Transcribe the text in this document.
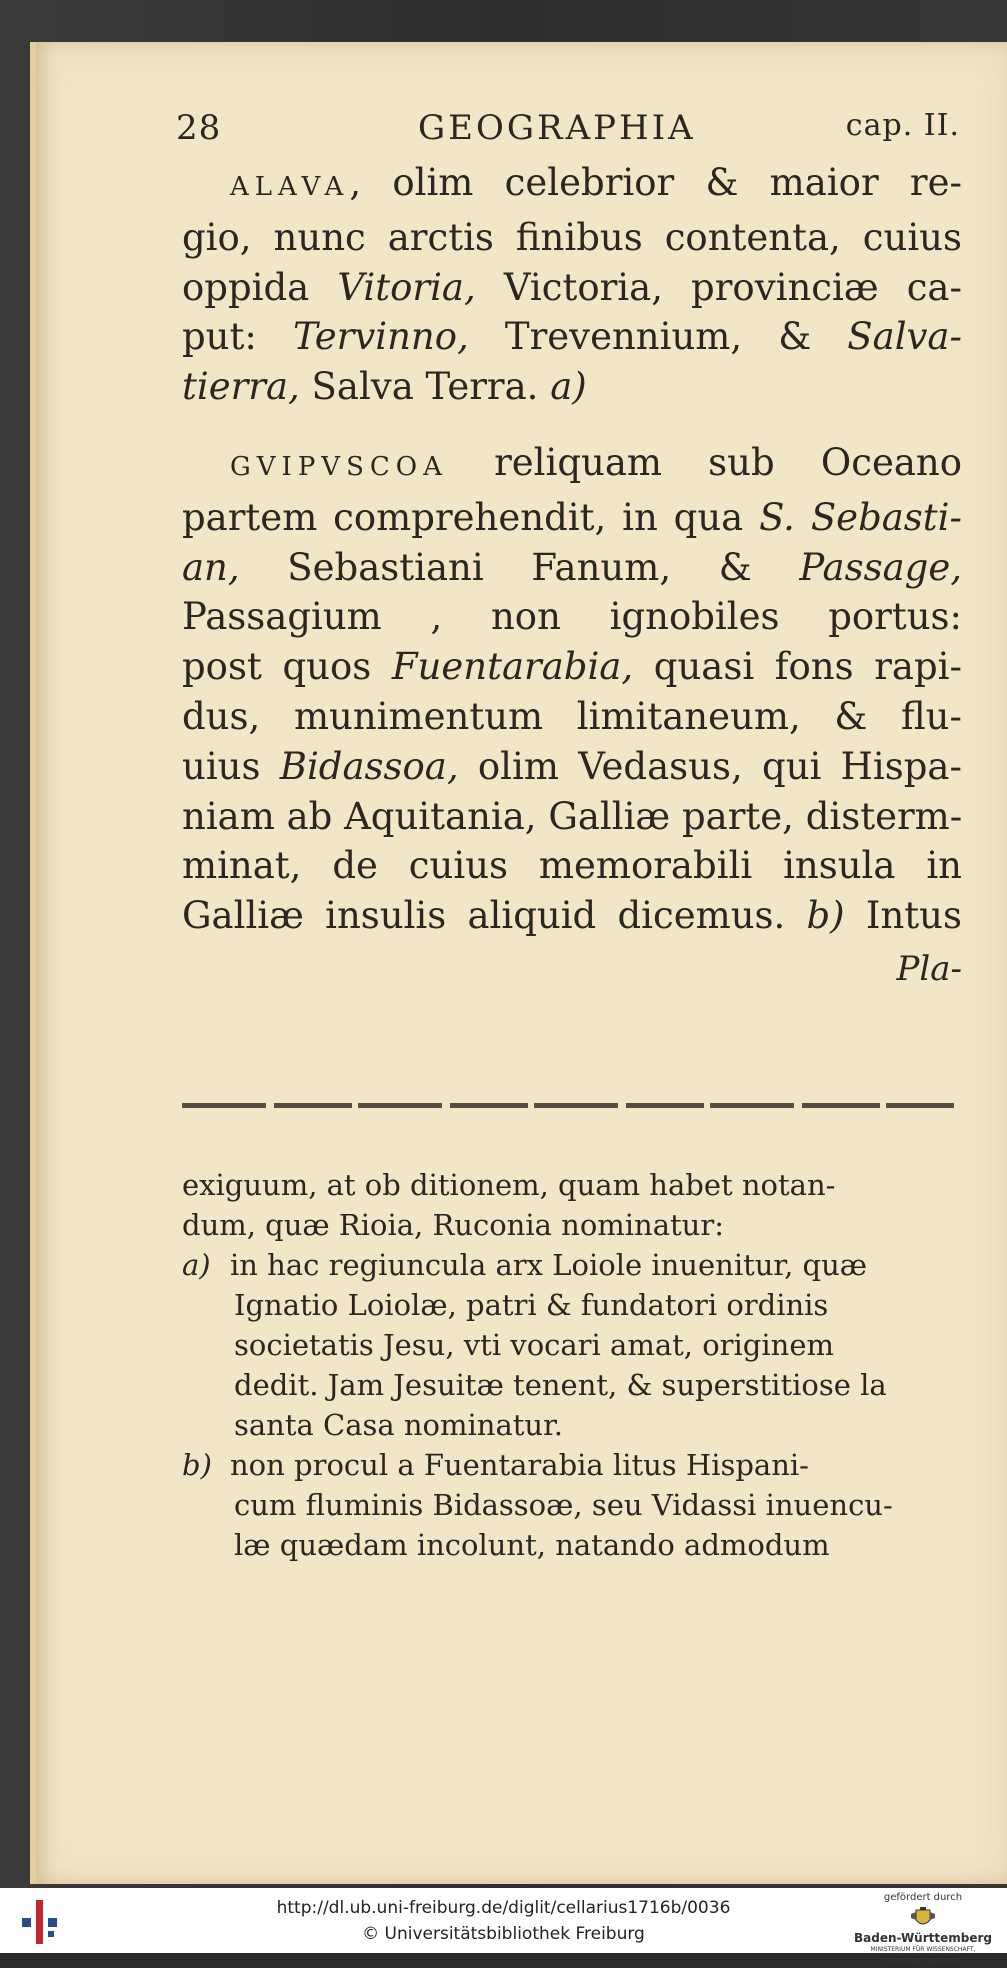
28	GEOGRAPHIA	cap. II.
ALAVA, olim celebrior & maior re-
gio, nunc arctis finibus contenta, cuius
oppida Vitoria, Victoria, provinciæ ca-
put: Tervinno, Trevennium, & Salva-
tierra, Salva Terra. a)
GVIPVSCOA reliquam sub Oceano
partem comprehendit, in qua S. Sebasti-
an, Sebastiani Fanum, & Passage,
Passagium , non ignobiles portus:
post quos Fuentarabia, quasi fons rapi-
dus, munimentum limitaneum, & flu-
uius Bidassoa, olim Vedasus, qui Hispa-
niam ab Aquitania, Galliæ parte, disterm-
minat, de cuius memorabili insula in
Galliæ insulis aliquid dicemus. b) Intus
Pla-
exiguum, at ob ditionem, quam habet notan-
dum, quæ Rioia, Ruconia nominatur:
a) in hac regiuncula arx Loiole inuenitur, quæ
Ignatio Loiolæ, patri & fundatori ordinis
societatis Jesu, vti vocari amat, originem
dedit. Jam Jesuitæ tenent, & superstitiose la
santa Casa nominatur.
b) non procul a Fuentarabia litus Hispani-
cum fluminis Bidassoæ, seu Vidassi inuencu-
læ quædam incolunt, natando admodum
http://dl.ub.uni-freiburg.de/diglit/cellarius1716b/0036
© Universitätsbibliothek Freiburg
gefördert durch
Baden-Württemberg
MINISTERIUM FÜR WISSENSCHAFT, FORSCHUNG UND KUNST
